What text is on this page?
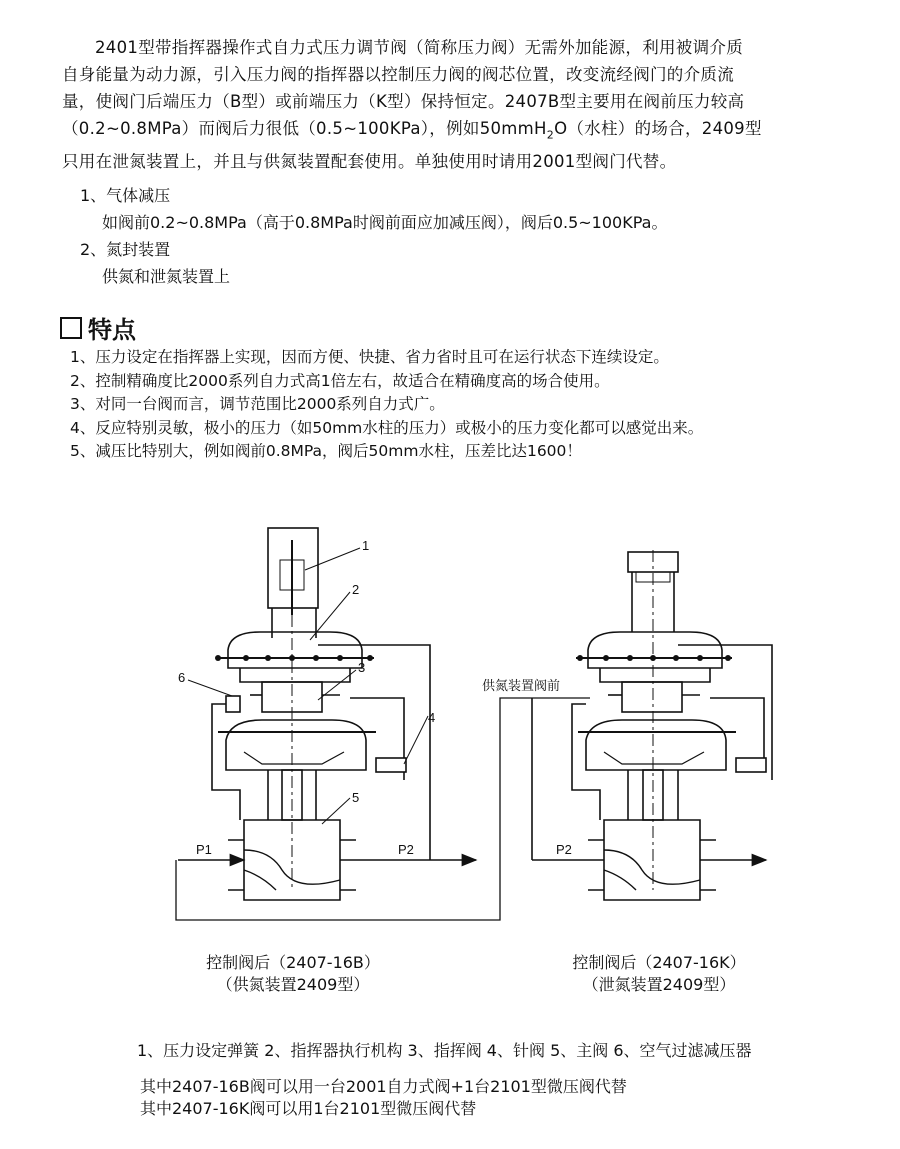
2401型带指挥器操作式自力式压力调节阀（简称压力阀）无需外加能源，利用被调介质

自身能量为动力源，引入压力阀的指挥器以控制压力阀的阀芯位置，改变流经阀门的介质流

量，使阀门后端压力（B型）或前端压力（K型）保持恒定。2407B型主要用在阀前压力较高

（0.2~0.8MPa）而阀后力很低（0.5~100KPa），例如50mmH$_2$O（水柱）的场合，2409型

只用在泄氮装置上，并且与供氮装置配套使用。单独使用时请用2001型阀门代替。

1、气体减压
如阀前0.2~0.8MPa（高于0.8MPa时阀前面应加减压阀），阀后0.5~100KPa。
2、氮封装置
供氮和泄氮装置上
特点
1、压力设定在指挥器上实现，因而方便、快捷、省力省时且可在运行状态下连续设定。
2、控制精确度比2000系列自力式高1倍左右，故适合在精确度高的场合使用。
3、对同一台阀而言，调节范围比2000系列自力式广。
4、反应特别灵敏，极小的压力（如50mm水柱的压力）或极小的压力变化都可以感觉出来。
5、减压比特别大，例如阀前0.8MPa，阀后50mm水柱，压差比达1600！
1
2
3
4
5
6
P1	P2
供氮装置阀前
P2
控制阀后（2407-16B）
（供氮装置2409型）
控制阀后（2407-16K）
（泄氮装置2409型）
1、压力设定弹簧 2、指挥器执行机构 3、指挥阀 4、针阀 5、主阀 6、空气过滤减压器
其中2407-16B阀可以用一台2001自力式阀+1台2101型微压阀代替
其中2407-16K阀可以用1台2101型微压阀代替
